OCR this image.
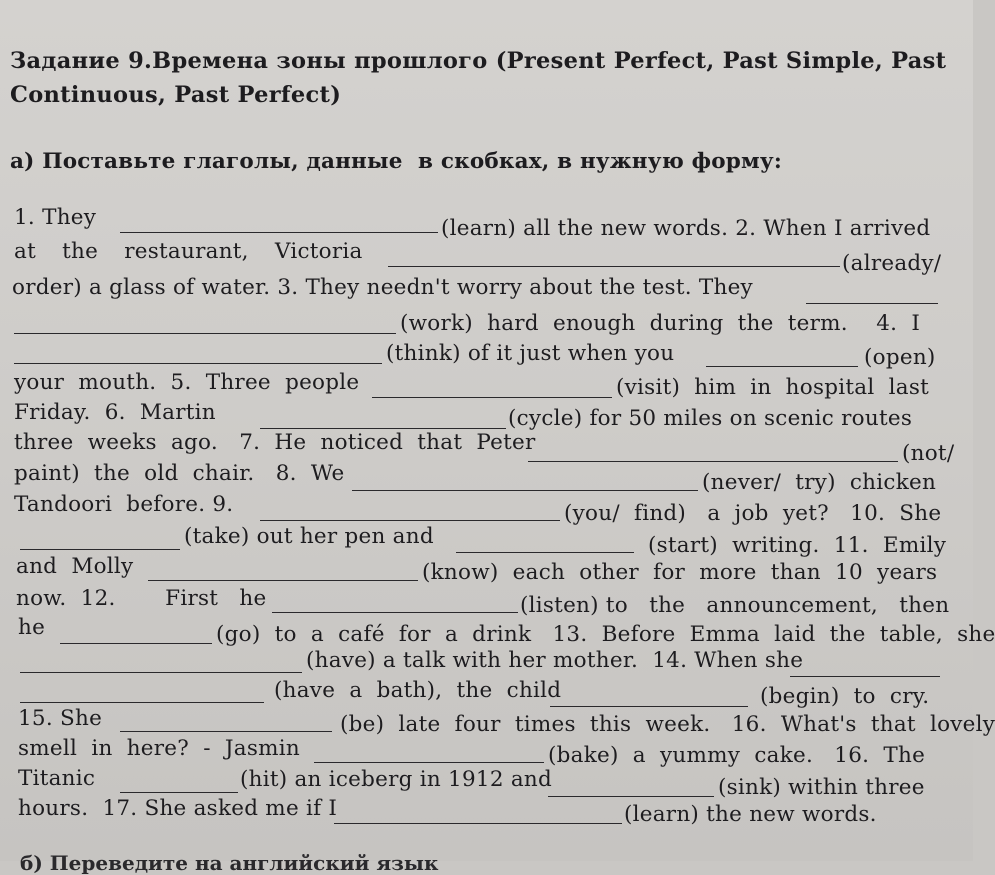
Задание 9.Времена зоны прошлого (Present Perfect, Past Simple, Past
Continuous, Past Perfect)
а) Поставьте глаголы, данные  в скобках, в нужную форму:
1. They	(learn) all the new words. 2. When I arrived
at  the  restaurant,  Victoria	(already/
order) a glass of water. 3. They needn't worry about the test. They
(work)  hard  enough  during  the  term.    4.  I
(think) of it just when you	(open)
your  mouth.  5.  Three  people	(visit)  him  in  hospital  last
Friday.  6.  Martin	(cycle) for 50 miles on scenic routes
three  weeks  ago.   7.  He  noticed  that  Peter	(not/
paint)  the  old  chair.   8.  We	(never/  try)  chicken
Tandoori  before. 9.	(you/  find)   a  job  yet?   10.  She
(take) out her pen and	(start)  writing.  11.  Emily
and  Molly	(know)  each  other  for  more  than  10  years
now.  12.       First   he	(listen) to   the   announcement,   then
he	(go)  to  a  café  for  a  drink   13.  Before  Emma  laid  the  table,  she
(have) a talk with her mother.  14. When she
(have  a  bath),  the  child	(begin)  to  cry.
15. She	(be)  late  four  times  this  week.   16.  What's  that  lovely
smell  in  here?  -  Jasmin	(bake)  a  yummy  cake.   16.  The
Titanic	(hit) an iceberg in 1912 and	(sink) within three
hours.  17. She asked me if I	(learn) the new words.
б) Переведите на английский язык
